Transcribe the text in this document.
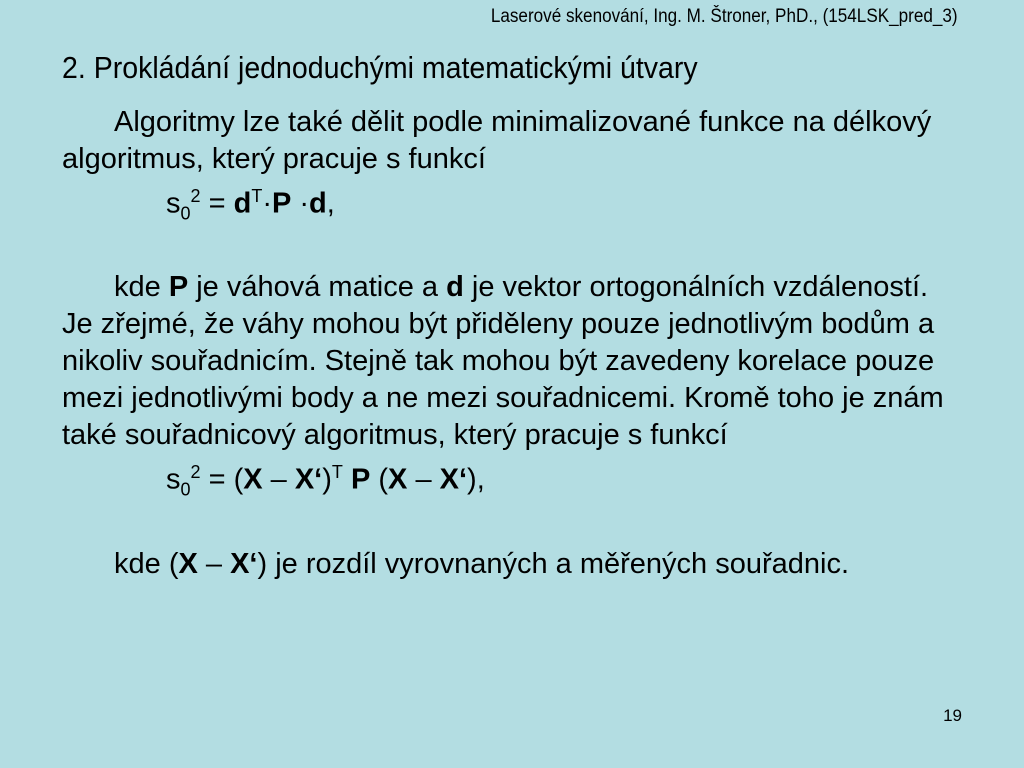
Laserové skenování, Ing. M. Štroner, PhD., (154LSK_pred_3)
2. Prokládání jednoduchými matematickými útvary

Algoritmy lze také dělit podle minimalizované funkce na délkový algoritmus, který pracuje s funkcí

$s_0^2 = d^T\cdot P \cdot d$,

kde P je váhová matice a d je vektor ortogonálních vzdáleností. Je zřejmé, že váhy mohou být přiděleny pouze jednotlivým bodům a nikoliv souřadnicím. Stejně tak mohou být zavedeny korelace pouze mezi jednotlivými body a ne mezi souřadnicemi. Kromě toho je znám také souřadnicový algoritmus, který pracuje s funkcí

$s_0^2 = (X$ – X‘)$^T$ P (X – X‘),

kde (X – X‘) je rozdíl vyrovnaných a měřených souřadnic.

19
